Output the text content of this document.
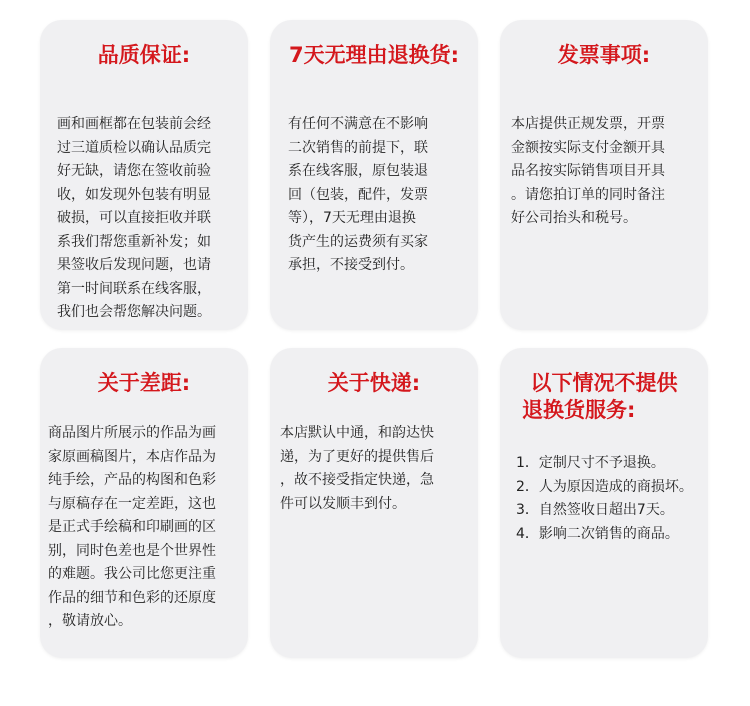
品质保证:

画和画框都在包装前会经
过三道质检以确认品质完
好无缺，请您在签收前验
收，如发现外包装有明显
破损，可以直接拒收并联
系我们帮您重新补发；如
果签收后发现问题，也请
第一时间联系在线客服，
我们也会帮您解决问题。

7天无理由退换货:

有任何不满意在不影响
二次销售的前提下，联
系在线客服，原包装退
回（包装，配件，发票
等），7天无理由退换
货产生的运费须有买家
承担，不接受到付。

发票事项:

本店提供正规发票，开票
金额按实际支付金额开具
品名按实际销售项目开具
。请您拍订单的同时备注
好公司抬头和税号。

关于差距:

商品图片所展示的作品为画
家原画稿图片，本店作品为
纯手绘，产品的构图和色彩
与原稿存在一定差距，这也
是正式手绘稿和印刷画的区
别，同时色差也是个世界性
的难题。我公司比您更注重
作品的细节和色彩的还原度
，敬请放心。

关于快递:

本店默认中通，和韵达快
递，为了更好的提供售后
，故不接受指定快递，急
件可以发顺丰到付。

以下情况不提供
退换货服务:
1．定制尺寸不予退换。
2．人为原因造成的商损坏。
3．自然签收日超出7天。
4．影响二次销售的商品。
